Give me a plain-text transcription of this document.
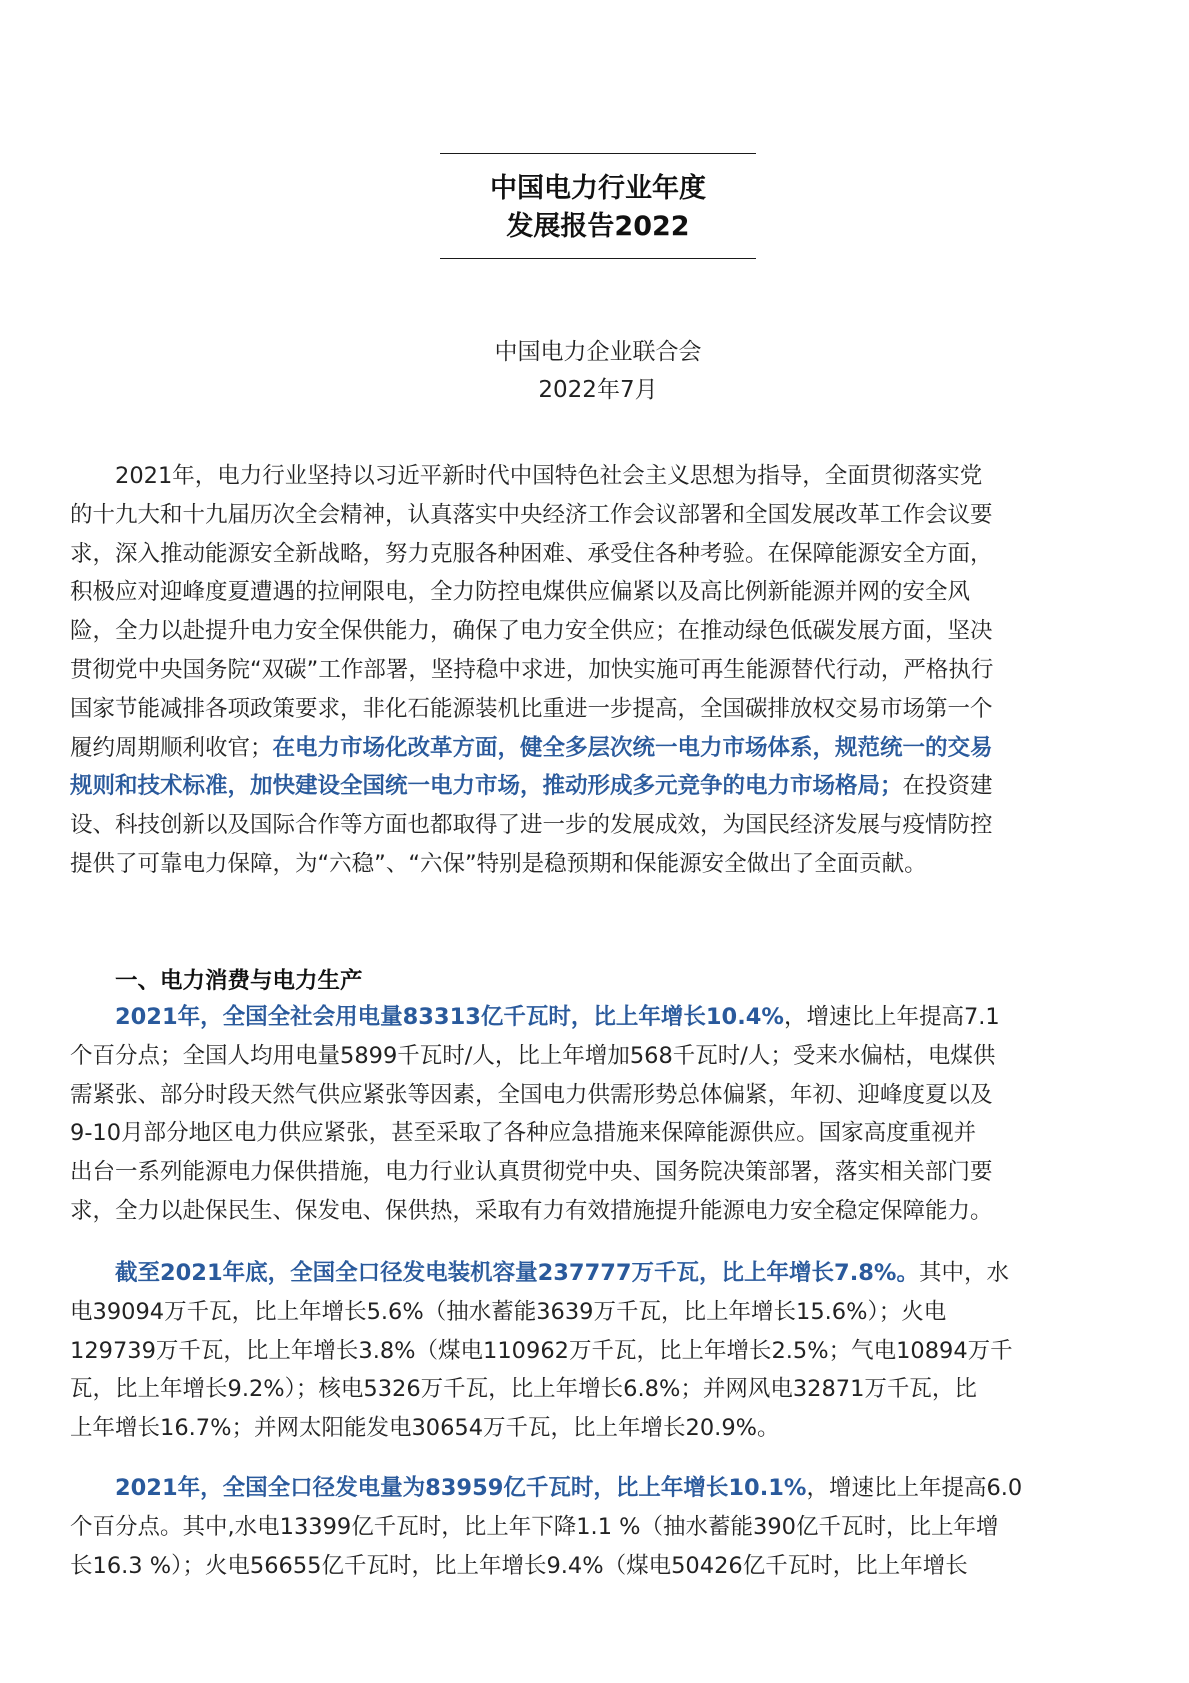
中国电力行业年度
发展报告2022
中国电力企业联合会
2022年7月
2021年，电力行业坚持以习近平新时代中国特色社会主义思想为指导，全面贯彻落实党
的十九大和十九届历次全会精神，认真落实中央经济工作会议部署和全国发展改革工作会议要
求，深入推动能源安全新战略，努力克服各种困难、承受住各种考验。在保障能源安全方面，
积极应对迎峰度夏遭遇的拉闸限电，全力防控电煤供应偏紧以及高比例新能源并网的安全风
险，全力以赴提升电力安全保供能力，确保了电力安全供应；在推动绿色低碳发展方面，坚决
贯彻党中央国务院“双碳”工作部署，坚持稳中求进，加快实施可再生能源替代行动，严格执行
国家节能减排各项政策要求，非化石能源装机比重进一步提高，全国碳排放权交易市场第一个
履约周期顺利收官；在电力市场化改革方面，健全多层次统一电力市场体系，规范统一的交易
规则和技术标准，加快建设全国统一电力市场，推动形成多元竞争的电力市场格局；在投资建
设、科技创新以及国际合作等方面也都取得了进一步的发展成效，为国民经济发展与疫情防控
提供了可靠电力保障，为“六稳”、“六保”特别是稳预期和保能源安全做出了全面贡献。
一、电力消费与电力生产
2021年，全国全社会用电量83313亿千瓦时，比上年增长10.4%，增速比上年提高7.1
个百分点；全国人均用电量5899千瓦时/人，比上年增加568千瓦时/人；受来水偏枯，电煤供
需紧张、部分时段天然气供应紧张等因素，全国电力供需形势总体偏紧，年初、迎峰度夏以及
9-10月部分地区电力供应紧张，甚至采取了各种应急措施来保障能源供应。国家高度重视并
出台一系列能源电力保供措施，电力行业认真贯彻党中央、国务院决策部署，落实相关部门要
求，全力以赴保民生、保发电、保供热，采取有力有效措施提升能源电力安全稳定保障能力。
截至2021年底，全国全口径发电装机容量237777万千瓦，比上年增长7.8%。其中，水
电39094万千瓦，比上年增长5.6%（抽水蓄能3639万千瓦，比上年增长15.6%）；火电
129739万千瓦，比上年增长3.8%（煤电110962万千瓦，比上年增长2.5%；气电10894万千
瓦，比上年增长9.2%）；核电5326万千瓦，比上年增长6.8%；并网风电32871万千瓦，比
上年增长16.7%；并网太阳能发电30654万千瓦，比上年增长20.9%。
2021年，全国全口径发电量为83959亿千瓦时，比上年增长10.1%，增速比上年提高6.0
个百分点。其中,水电13399亿千瓦时，比上年下降1.1 %（抽水蓄能390亿千瓦时，比上年增
长16.3 %）；火电56655亿千瓦时，比上年增长9.4%（煤电50426亿千瓦时，比上年增长
